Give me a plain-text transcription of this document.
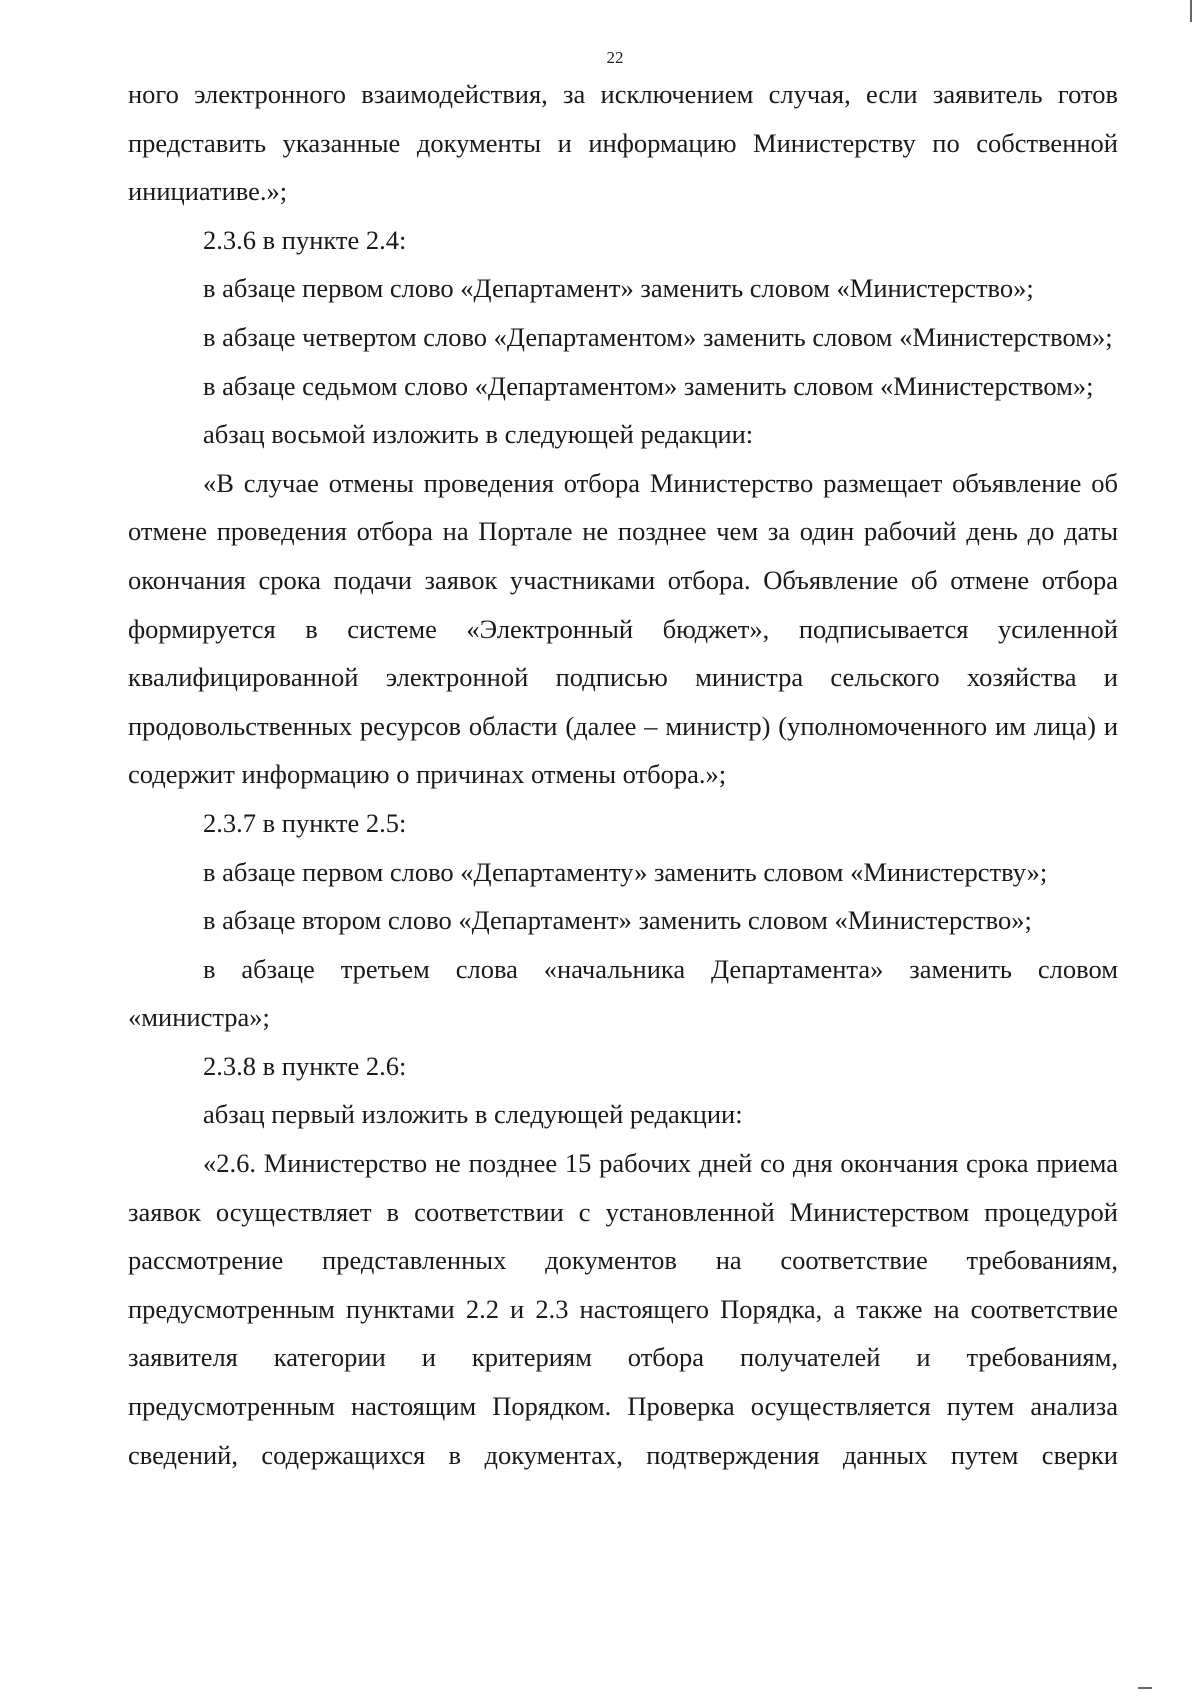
22

ного электронного взаимодействия, за исключением случая, если заявитель готов представить указанные документы и информацию Министерству по собственной инициативе.»;

2.3.6 в пункте 2.4:

в абзаце первом слово «Департамент» заменить словом «Министерство»;

в абзаце четвертом слово «Департаментом» заменить словом «Министерством»;

в абзаце седьмом слово «Департаментом» заменить словом «Министерством»;

абзац восьмой изложить в следующей редакции:

«В случае отмены проведения отбора Министерство размещает объявление об отмене проведения отбора на Портале не позднее чем за один рабочий день до даты окончания срока подачи заявок участниками отбора. Объявление об отмене отбора формируется в системе «Электронный бюджет», подписывается усиленной квалифицированной электронной подписью министра сельского хозяйства и продовольственных ресурсов области (далее – министр) (уполномоченного им лица) и содержит информацию о причинах отмены отбора.»;

2.3.7 в пункте 2.5:

в абзаце первом слово «Департаменту» заменить словом «Министерству»;

в абзаце втором слово «Департамент» заменить словом «Министерство»;

в абзаце третьем слова «начальника Департамента» заменить словом «министра»;

2.3.8 в пункте 2.6:

абзац первый изложить в следующей редакции:

«2.6. Министерство не позднее 15 рабочих дней со дня окончания срока приема заявок осуществляет в соответствии с установленной Министерством процедурой рассмотрение представленных документов на соответствие требованиям, предусмотренным пунктами 2.2 и 2.3 настоящего Порядка, а также на соответствие заявителя категории и критериям отбора получателей и требованиям, предусмотренным настоящим Порядком. Проверка осуществляется путем анализа сведений, содержащихся в документах, подтверждения данных путем сверки
